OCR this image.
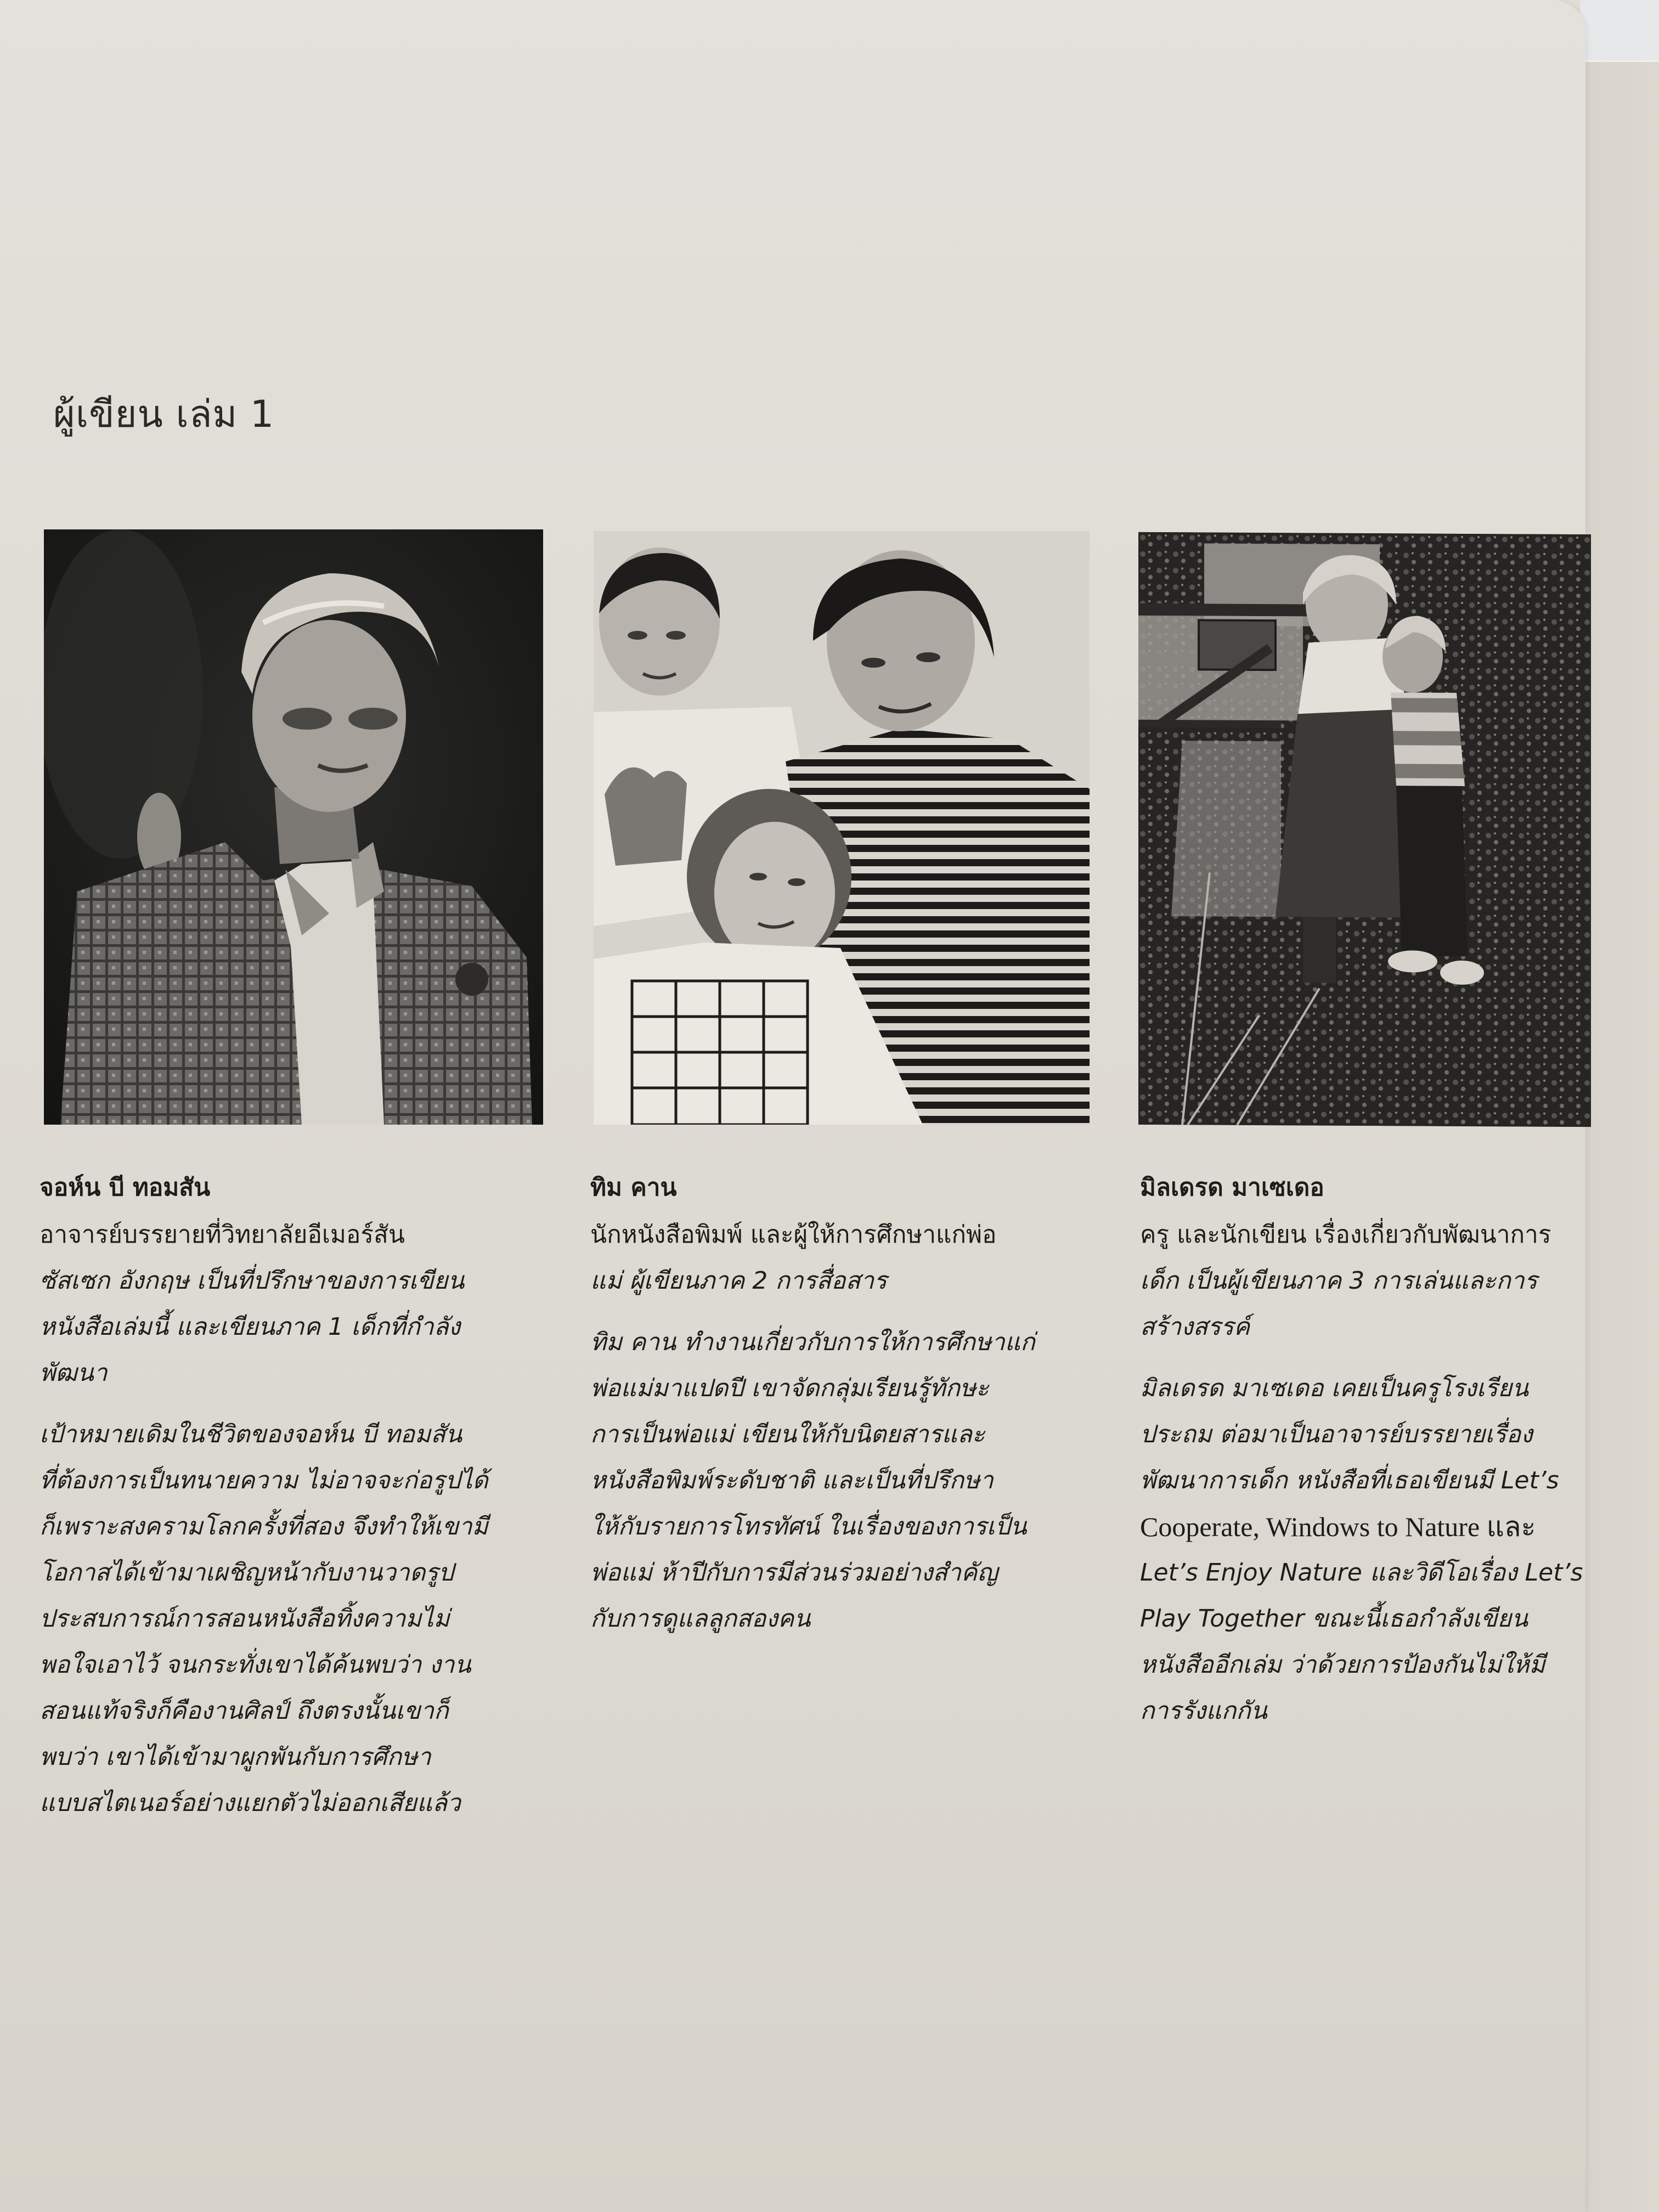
ผู้เขียน เล่ม 1
จอห์น บี ทอมสัน

อาจารย์บรรยายที่วิทยาลัยอีเมอร์สัน
ซัสเซก อังกฤษ เป็นที่ปรึกษาของการเขียน
หนังสือเล่มนี้ และเขียนภาค 1 เด็กที่กำลัง
พัฒนา

เป้าหมายเดิมในชีวิตของจอห์น บี ทอมสัน
ที่ต้องการเป็นทนายความ ไม่อาจจะก่อรูปได้
ก็เพราะสงครามโลกครั้งที่สอง จึงทำให้เขามี
โอกาสได้เข้ามาเผชิญหน้ากับงานวาดรูป
ประสบการณ์การสอนหนังสือทิ้งความไม่
พอใจเอาไว้ จนกระทั่งเขาได้ค้นพบว่า งาน
สอนแท้จริงก็คืองานศิลป์ ถึงตรงนั้นเขาก็
พบว่า เขาได้เข้ามาผูกพันกับการศึกษา
แบบสไตเนอร์อย่างแยกตัวไม่ออกเสียแล้ว

ทิม คาน

นักหนังสือพิมพ์ และผู้ให้การศึกษาแก่พ่อ
แม่ ผู้เขียนภาค 2 การสื่อสาร

ทิม คาน ทำงานเกี่ยวกับการให้การศึกษาแก่
พ่อแม่มาแปดปี เขาจัดกลุ่มเรียนรู้ทักษะ
การเป็นพ่อแม่ เขียนให้กับนิตยสารและ
หนังสือพิมพ์ระดับชาติ และเป็นที่ปรึกษา
ให้กับรายการโทรทัศน์ ในเรื่องของการเป็น
พ่อแม่ ห้าปีกับการมีส่วนร่วมอย่างสำคัญ
กับการดูแลลูกสองคน

มิลเดรด มาเซเดอ

ครู และนักเขียน เรื่องเกี่ยวกับพัฒนาการ
เด็ก เป็นผู้เขียนภาค 3 การเล่นและการ
สร้างสรรค์

มิลเดรด มาเซเดอ เคยเป็นครูโรงเรียน
ประถม ต่อมาเป็นอาจารย์บรรยายเรื่อง
พัฒนาการเด็ก หนังสือที่เธอเขียนมี Let’s
Cooperate, Windows to Nature และ
Let’s Enjoy Nature และวิดีโอเรื่อง Let’s
Play Together ขณะนี้เธอกำลังเขียน
หนังสืออีกเล่ม ว่าด้วยการป้องกันไม่ให้มี
การรังแกกัน
